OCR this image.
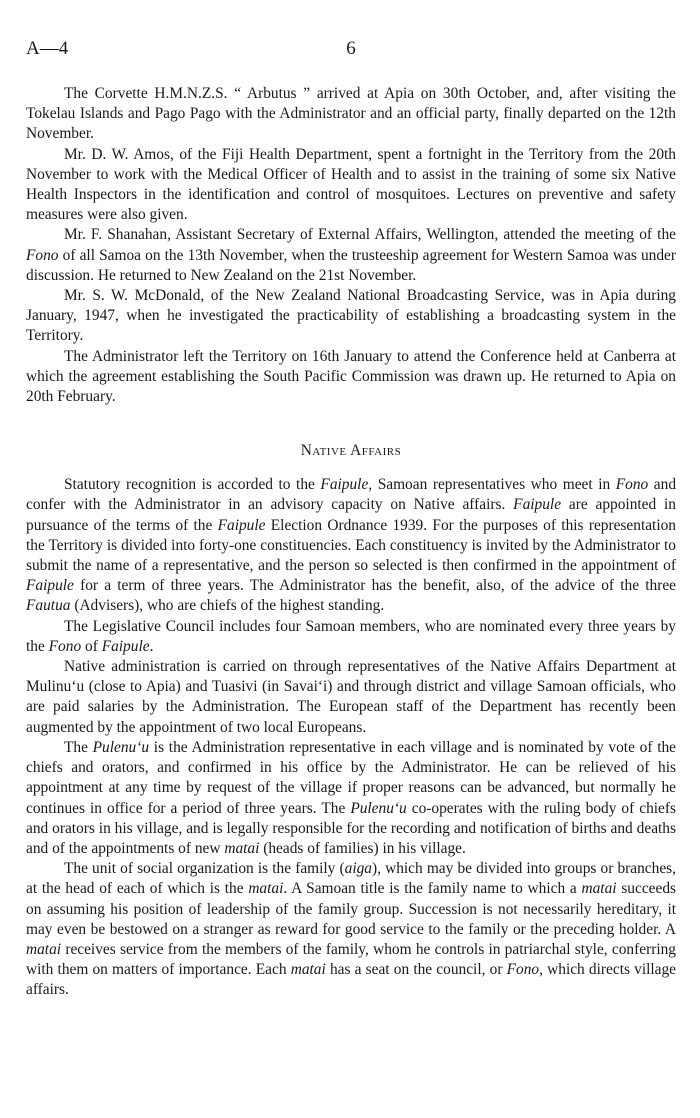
A—4	6

The Corvette H.M.N.Z.S. “ Arbutus ” arrived at Apia on 30th October, and, after visiting the Tokelau Islands and Pago Pago with the Administrator and an official party, finally departed on the 12th November.

Mr. D. W. Amos, of the Fiji Health Department, spent a fortnight in the Territory from the 20th November to work with the Medical Officer of Health and to assist in the training of some six Native Health Inspectors in the identification and control of mosquitoes. Lectures on preventive and safety measures were also given.

Mr. F. Shanahan, Assistant Secretary of External Affairs, Wellington, attended the meeting of the Fono of all Samoa on the 13th November, when the trusteeship agreement for Western Samoa was under discussion. He returned to New Zealand on the 21st November.

Mr. S. W. McDonald, of the New Zealand National Broadcasting Service, was in Apia during January, 1947, when he investigated the practicability of establishing a broadcasting system in the Territory.

The Administrator left the Territory on 16th January to attend the Conference held at Canberra at which the agreement establishing the South Pacific Commission was drawn up. He returned to Apia on 20th February.

Native Affairs

Statutory recognition is accorded to the Faipule, Samoan representatives who meet in Fono and confer with the Administrator in an advisory capacity on Native affairs. Faipule are appointed in pursuance of the terms of the Faipule Election Ordnance 1939. For the purposes of this representation the Territory is divided into forty-one constituencies. Each constituency is invited by the Administrator to submit the name of a representative, and the person so selected is then confirmed in the appointment of Faipule for a term of three years. The Administrator has the benefit, also, of the advice of the three Fautua (Advisers), who are chiefs of the highest standing.

The Legislative Council includes four Samoan members, who are nominated every three years by the Fono of Faipule.

Native administration is carried on through representatives of the Native Affairs Department at Mulinu‘u (close to Apia) and Tuasivi (in Savai‘i) and through district and village Samoan officials, who are paid salaries by the Administration. The European staff of the Department has recently been augmented by the appointment of two local Europeans.

The Pulenu‘u is the Administration representative in each village and is nominated by vote of the chiefs and orators, and confirmed in his office by the Administrator. He can be relieved of his appointment at any time by request of the village if proper reasons can be advanced, but normally he continues in office for a period of three years. The Pulenu‘u co-operates with the ruling body of chiefs and orators in his village, and is legally responsible for the recording and notification of births and deaths and of the appointments of new matai (heads of families) in his village.

The unit of social organization is the family (aiga), which may be divided into groups or branches, at the head of each of which is the matai. A Samoan title is the family name to which a matai succeeds on assuming his position of leadership of the family group. Succession is not necessarily hereditary, it may even be bestowed on a stranger as reward for good service to the family or the preceding holder. A matai receives service from the members of the family, whom he controls in patriarchal style, conferring with them on matters of importance. Each matai has a seat on the council, or Fono, which directs village affairs.
